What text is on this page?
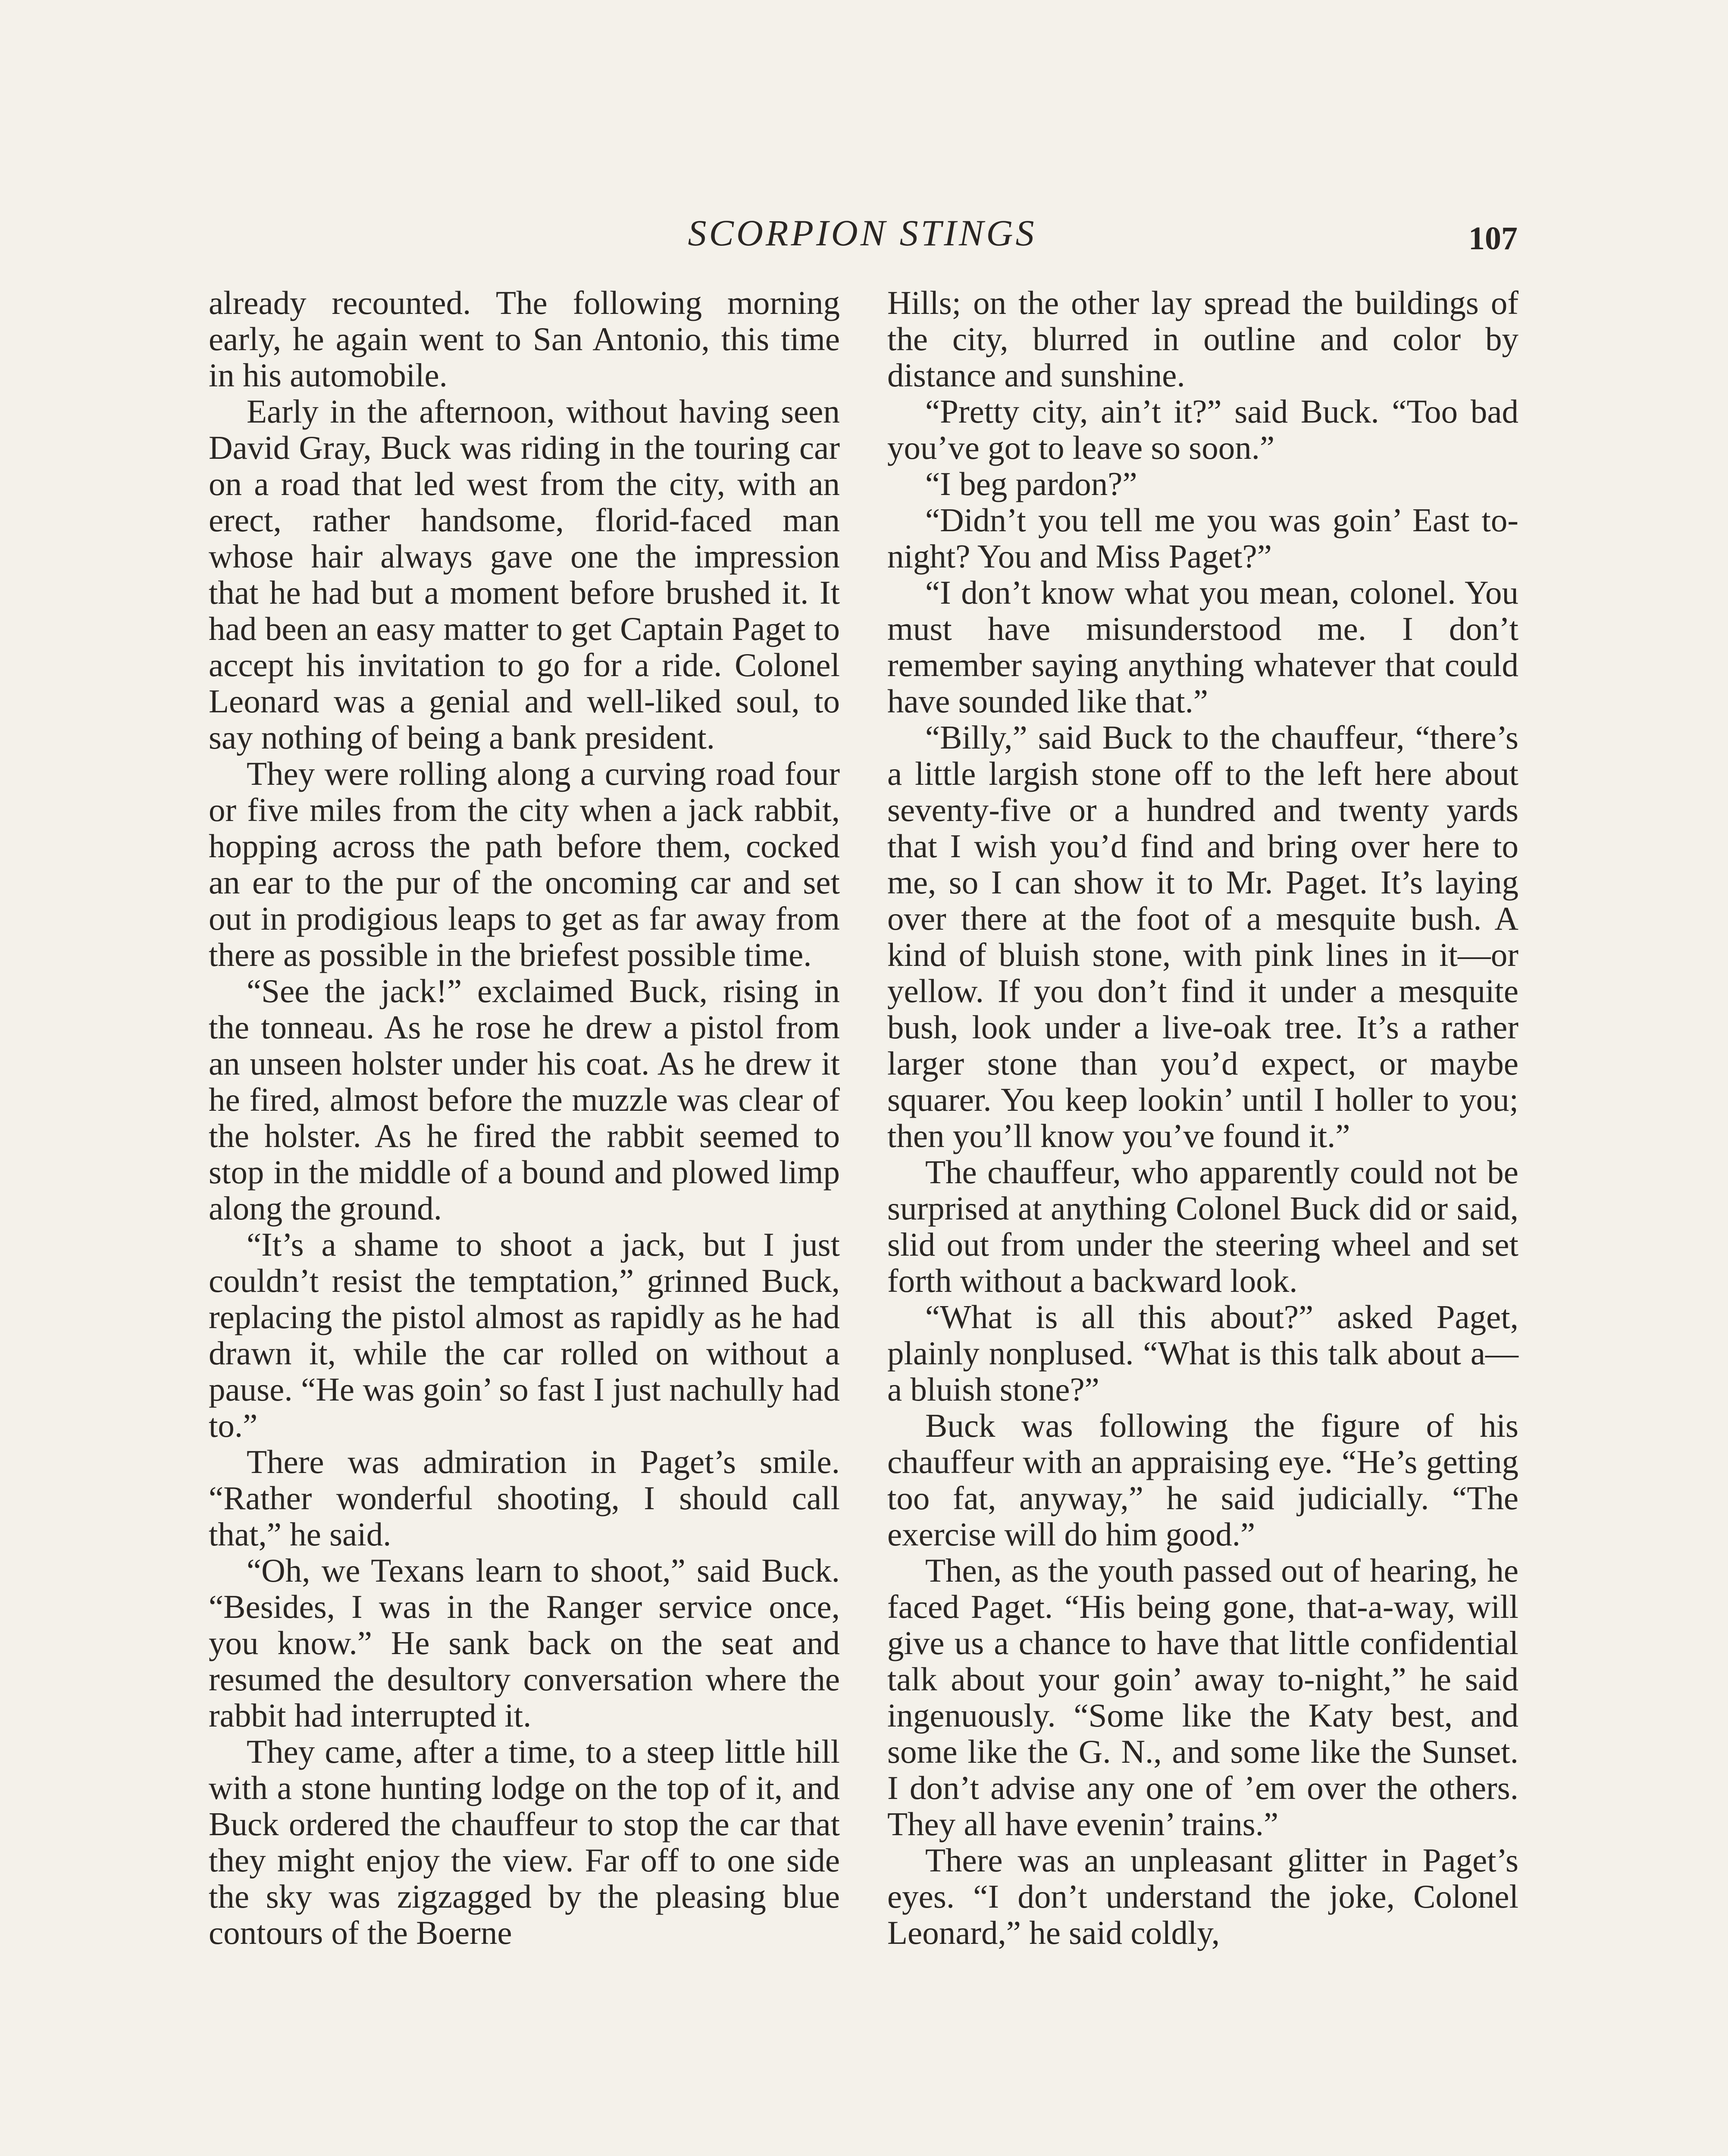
SCORPION STINGS	107

already recounted. The following morning early, he again went to San Antonio, this time in his automobile.

Early in the afternoon, without having seen David Gray, Buck was riding in the touring car on a road that led west from the city, with an erect, rather handsome, florid-faced man whose hair always gave one the impression that he had but a moment before brushed it. It had been an easy matter to get Captain Paget to accept his invitation to go for a ride. Colonel Leonard was a genial and well-liked soul, to say nothing of being a bank president.

They were rolling along a curving road four or five miles from the city when a jack rabbit, hopping across the path before them, cocked an ear to the pur of the oncoming car and set out in prodigious leaps to get as far away from there as possible in the briefest possible time.

“See the jack!” exclaimed Buck, rising in the tonneau. As he rose he drew a pistol from an unseen holster under his coat. As he drew it he fired, almost before the muzzle was clear of the holster. As he fired the rabbit seemed to stop in the middle of a bound and plowed limp along the ground.

“It’s a shame to shoot a jack, but I just couldn’t resist the temptation,” grinned Buck, replacing the pistol almost as rapidly as he had drawn it, while the car rolled on without a pause. “He was goin’ so fast I just nachully had to.”

There was admiration in Paget’s smile. “Rather wonderful shooting, I should call that,” he said.

“Oh, we Texans learn to shoot,” said Buck. “Besides, I was in the Ranger service once, you know.” He sank back on the seat and resumed the desultory conversation where the rabbit had interrupted it.

They came, after a time, to a steep little hill with a stone hunting lodge on the top of it, and Buck ordered the chauffeur to stop the car that they might enjoy the view. Far off to one side the sky was zigzagged by the pleasing blue contours of the Boerne

Hills; on the other lay spread the buildings of the city, blurred in outline and color by distance and sunshine.

“Pretty city, ain’t it?” said Buck. “Too bad you’ve got to leave so soon.”

“I beg pardon?”

“Didn’t you tell me you was goin’ East to-night? You and Miss Paget?”

“I don’t know what you mean, colonel. You must have misunderstood me. I don’t remember saying anything whatever that could have sounded like that.”

“Billy,” said Buck to the chauffeur, “there’s a little largish stone off to the left here about seventy-five or a hundred and twenty yards that I wish you’d find and bring over here to me, so I can show it to Mr. Paget. It’s laying over there at the foot of a mesquite bush. A kind of bluish stone, with pink lines in it—or yellow. If you don’t find it under a mesquite bush, look under a live-oak tree. It’s a rather larger stone than you’d expect, or maybe squarer. You keep lookin’ until I holler to you; then you’ll know you’ve found it.”

The chauffeur, who apparently could not be surprised at anything Colonel Buck did or said, slid out from under the steering wheel and set forth without a backward look.

“What is all this about?” asked Paget, plainly nonplused. “What is this talk about a—a bluish stone?”

Buck was following the figure of his chauffeur with an appraising eye. “He’s getting too fat, anyway,” he said judicially. “The exercise will do him good.”

Then, as the youth passed out of hearing, he faced Paget. “His being gone, that-a-way, will give us a chance to have that little confidential talk about your goin’ away to-night,” he said ingenuously. “Some like the Katy best, and some like the G. N., and some like the Sunset. I don’t advise any one of ’em over the others. They all have evenin’ trains.”

There was an unpleasant glitter in Paget’s eyes. “I don’t understand the joke, Colonel Leonard,” he said coldly,
